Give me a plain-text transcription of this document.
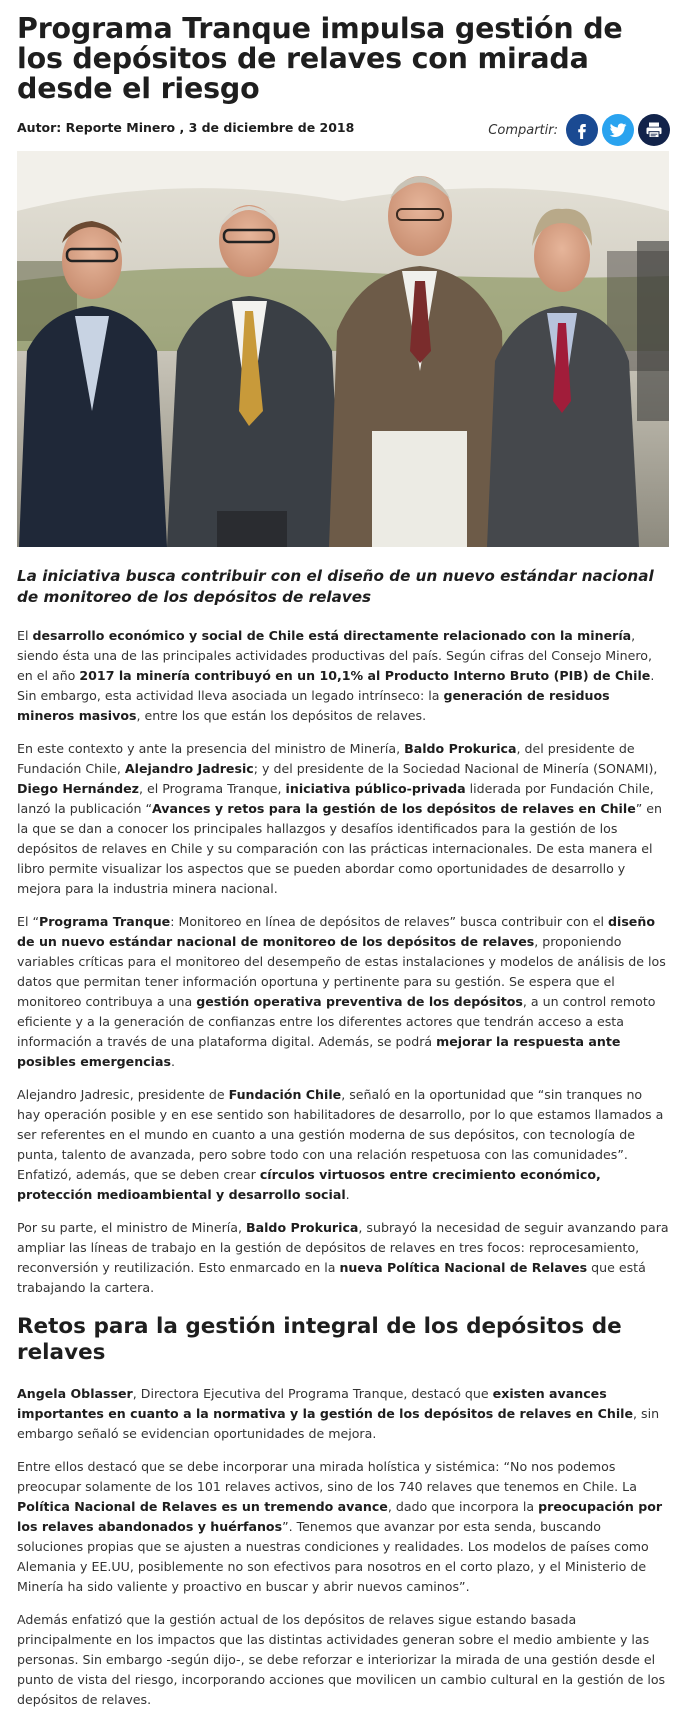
Programa Tranque impulsa gestión de los depósitos de relaves con mirada desde el riesgo
Autor: Reporte Minero , 3 de diciembre de 2018	Compartir:

La iniciativa busca contribuir con el diseño de un nuevo estándar nacional de monitoreo de los depósitos de relaves

El desarrollo económico y social de Chile está directamente relacionado con la minería, siendo ésta una de las principales actividades productivas del país. Según cifras del Consejo Minero, en el año 2017 la minería contribuyó en un 10,1% al Producto Interno Bruto (PIB) de Chile. Sin embargo, esta actividad lleva asociada un legado intrínseco: la generación de residuos mineros masivos, entre los que están los depósitos de relaves.

En este contexto y ante la presencia del ministro de Minería, Baldo Prokurica, del presidente de Fundación Chile, Alejandro Jadresic; y del presidente de la Sociedad Nacional de Minería (SONAMI), Diego Hernández, el Programa Tranque, iniciativa público-privada liderada por Fundación Chile, lanzó la publicación “Avances y retos para la gestión de los depósitos de relaves en Chile” en la que se dan a conocer los principales hallazgos y desafíos identificados para la gestión de los depósitos de relaves en Chile y su comparación con las prácticas internacionales. De esta manera el libro permite visualizar los aspectos que se pueden abordar como oportunidades de desarrollo y mejora para la industria minera nacional.

El “Programa Tranque: Monitoreo en línea de depósitos de relaves” busca contribuir con el diseño de un nuevo estándar nacional de monitoreo de los depósitos de relaves, proponiendo variables críticas para el monitoreo del desempeño de estas instalaciones y modelos de análisis de los datos que permitan tener información oportuna y pertinente para su gestión. Se espera que el monitoreo contribuya a una gestión operativa preventiva de los depósitos, a un control remoto eficiente y a la generación de confianzas entre los diferentes actores que tendrán acceso a esta información a través de una plataforma digital. Además, se podrá mejorar la respuesta ante posibles emergencias.

Alejandro Jadresic, presidente de Fundación Chile, señaló en la oportunidad que “sin tranques no hay operación posible y en ese sentido son habilitadores de desarrollo, por lo que estamos llamados a ser referentes en el mundo en cuanto a una gestión moderna de sus depósitos, con tecnología de punta, talento de avanzada, pero sobre todo con una relación respetuosa con las comunidades”. Enfatizó, además, que se deben crear círculos virtuosos entre crecimiento económico, protección medioambiental y desarrollo social.

Por su parte, el ministro de Minería, Baldo Prokurica, subrayó la necesidad de seguir avanzando para ampliar las líneas de trabajo en la gestión de depósitos de relaves en tres focos: reprocesamiento, reconversión y reutilización. Esto enmarcado en la nueva Política Nacional de Relaves que está trabajando la cartera.

Retos para la gestión integral de los depósitos de relaves

Angela Oblasser, Directora Ejecutiva del Programa Tranque, destacó que existen avances importantes en cuanto a la normativa y la gestión de los depósitos de relaves en Chile, sin embargo señaló se evidencian oportunidades de mejora.

Entre ellos destacó que se debe incorporar una mirada holística y sistémica: “No nos podemos preocupar solamente de los 101 relaves activos, sino de los 740 relaves que tenemos en Chile. La Política Nacional de Relaves es un tremendo avance, dado que incorpora la preocupación por los relaves abandonados y huérfanos”. Tenemos que avanzar por esta senda, buscando soluciones propias que se ajusten a nuestras condiciones y realidades. Los modelos de países como Alemania y EE.UU, posiblemente no son efectivos para nosotros en el corto plazo, y el Ministerio de Minería ha sido valiente y proactivo en buscar y abrir nuevos caminos”.

Además enfatizó que la gestión actual de los depósitos de relaves sigue estando basada principalmente en los impactos que las distintas actividades generan sobre el medio ambiente y las personas. Sin embargo -según dijo-, se debe reforzar e interiorizar la mirada de una gestión desde el punto de vista del riesgo, incorporando acciones que movilicen un cambio cultural en la gestión de los depósitos de relaves.
